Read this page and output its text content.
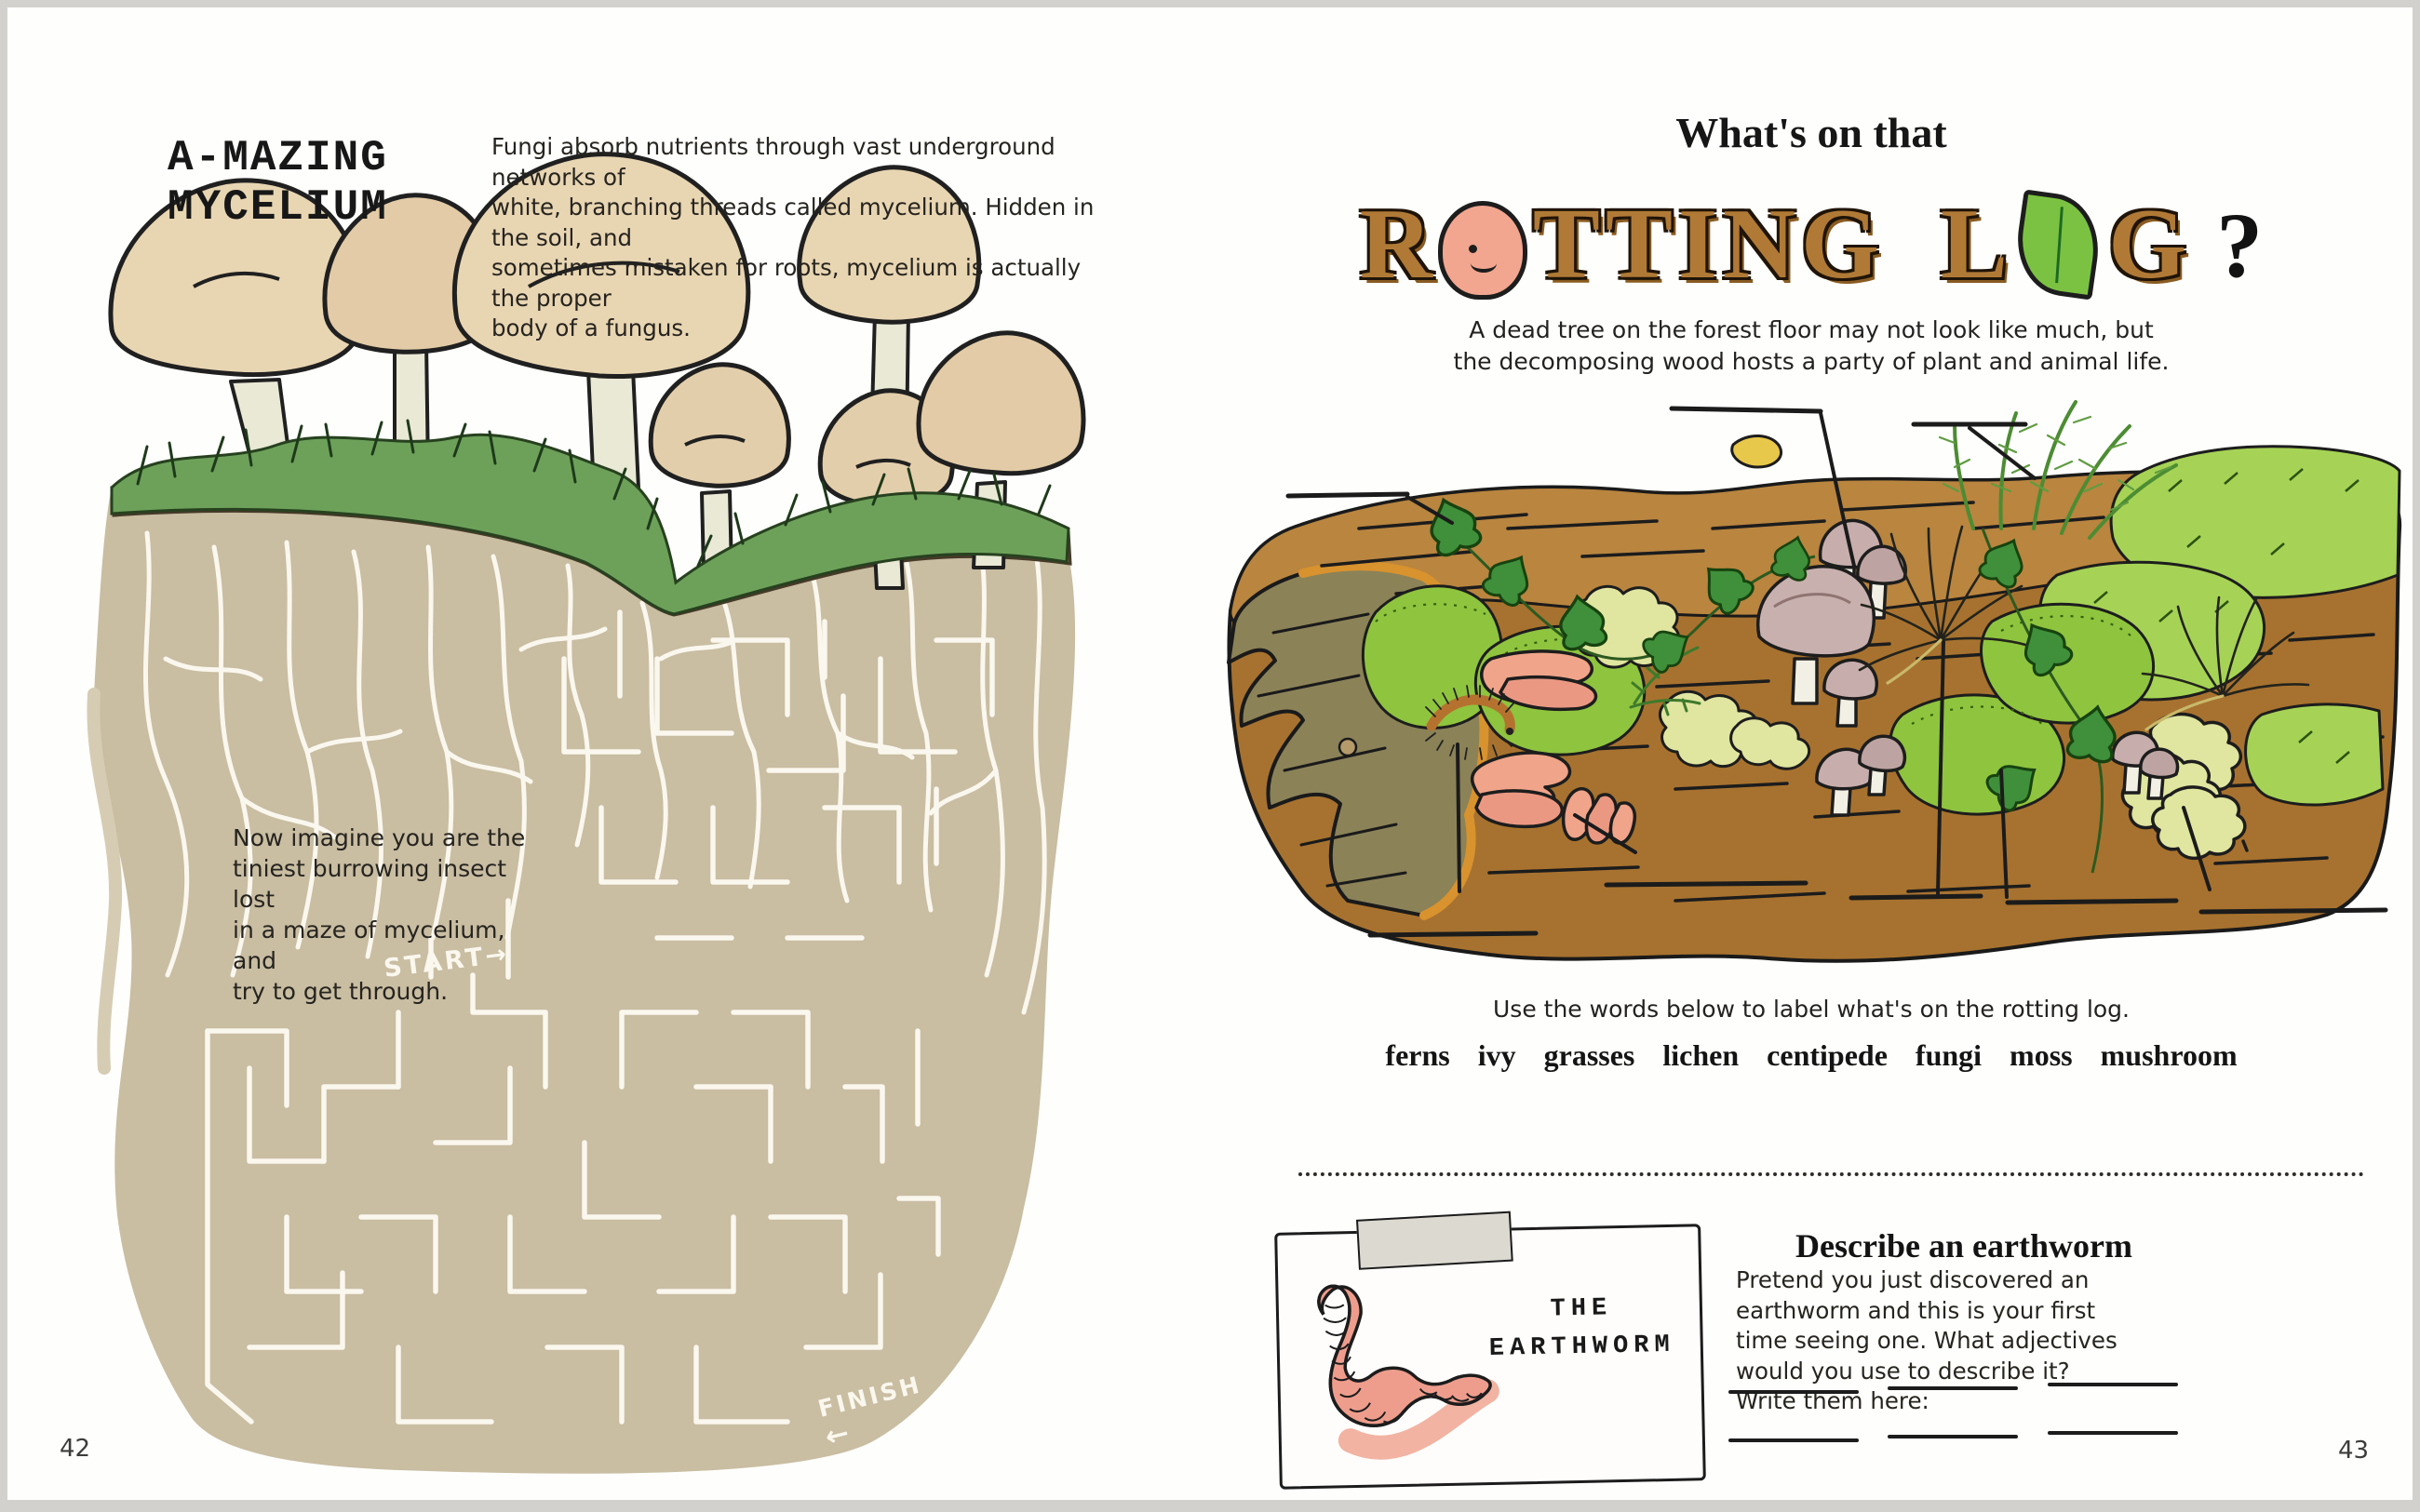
A-MAZING
MYCELIUM
Fungi absorb nutrients through vast underground networks of
white, branching threads called mycelium. Hidden in the soil, and
sometimes mistaken for roots, mycelium is actually the proper
body of a fungus.
Now imagine you are the
tiniest burrowing insect lost
in a maze of mycelium, and
try to get through.
START→
FINISH
←
42
What's on that
R T T I N G L G ?
A dead tree on the forest floor may not look like much, but
the decomposing wood hosts a party of plant and animal life.
Use the words below to label what's on the rotting log.
ferns ivy grasses lichen centipede fungi moss mushroom
THE
EARTHWORM
Describe an earthworm
Pretend you just discovered an earthworm and this is your first
time seeing one. What adjectives would you use to describe it?
Write them here:
43
